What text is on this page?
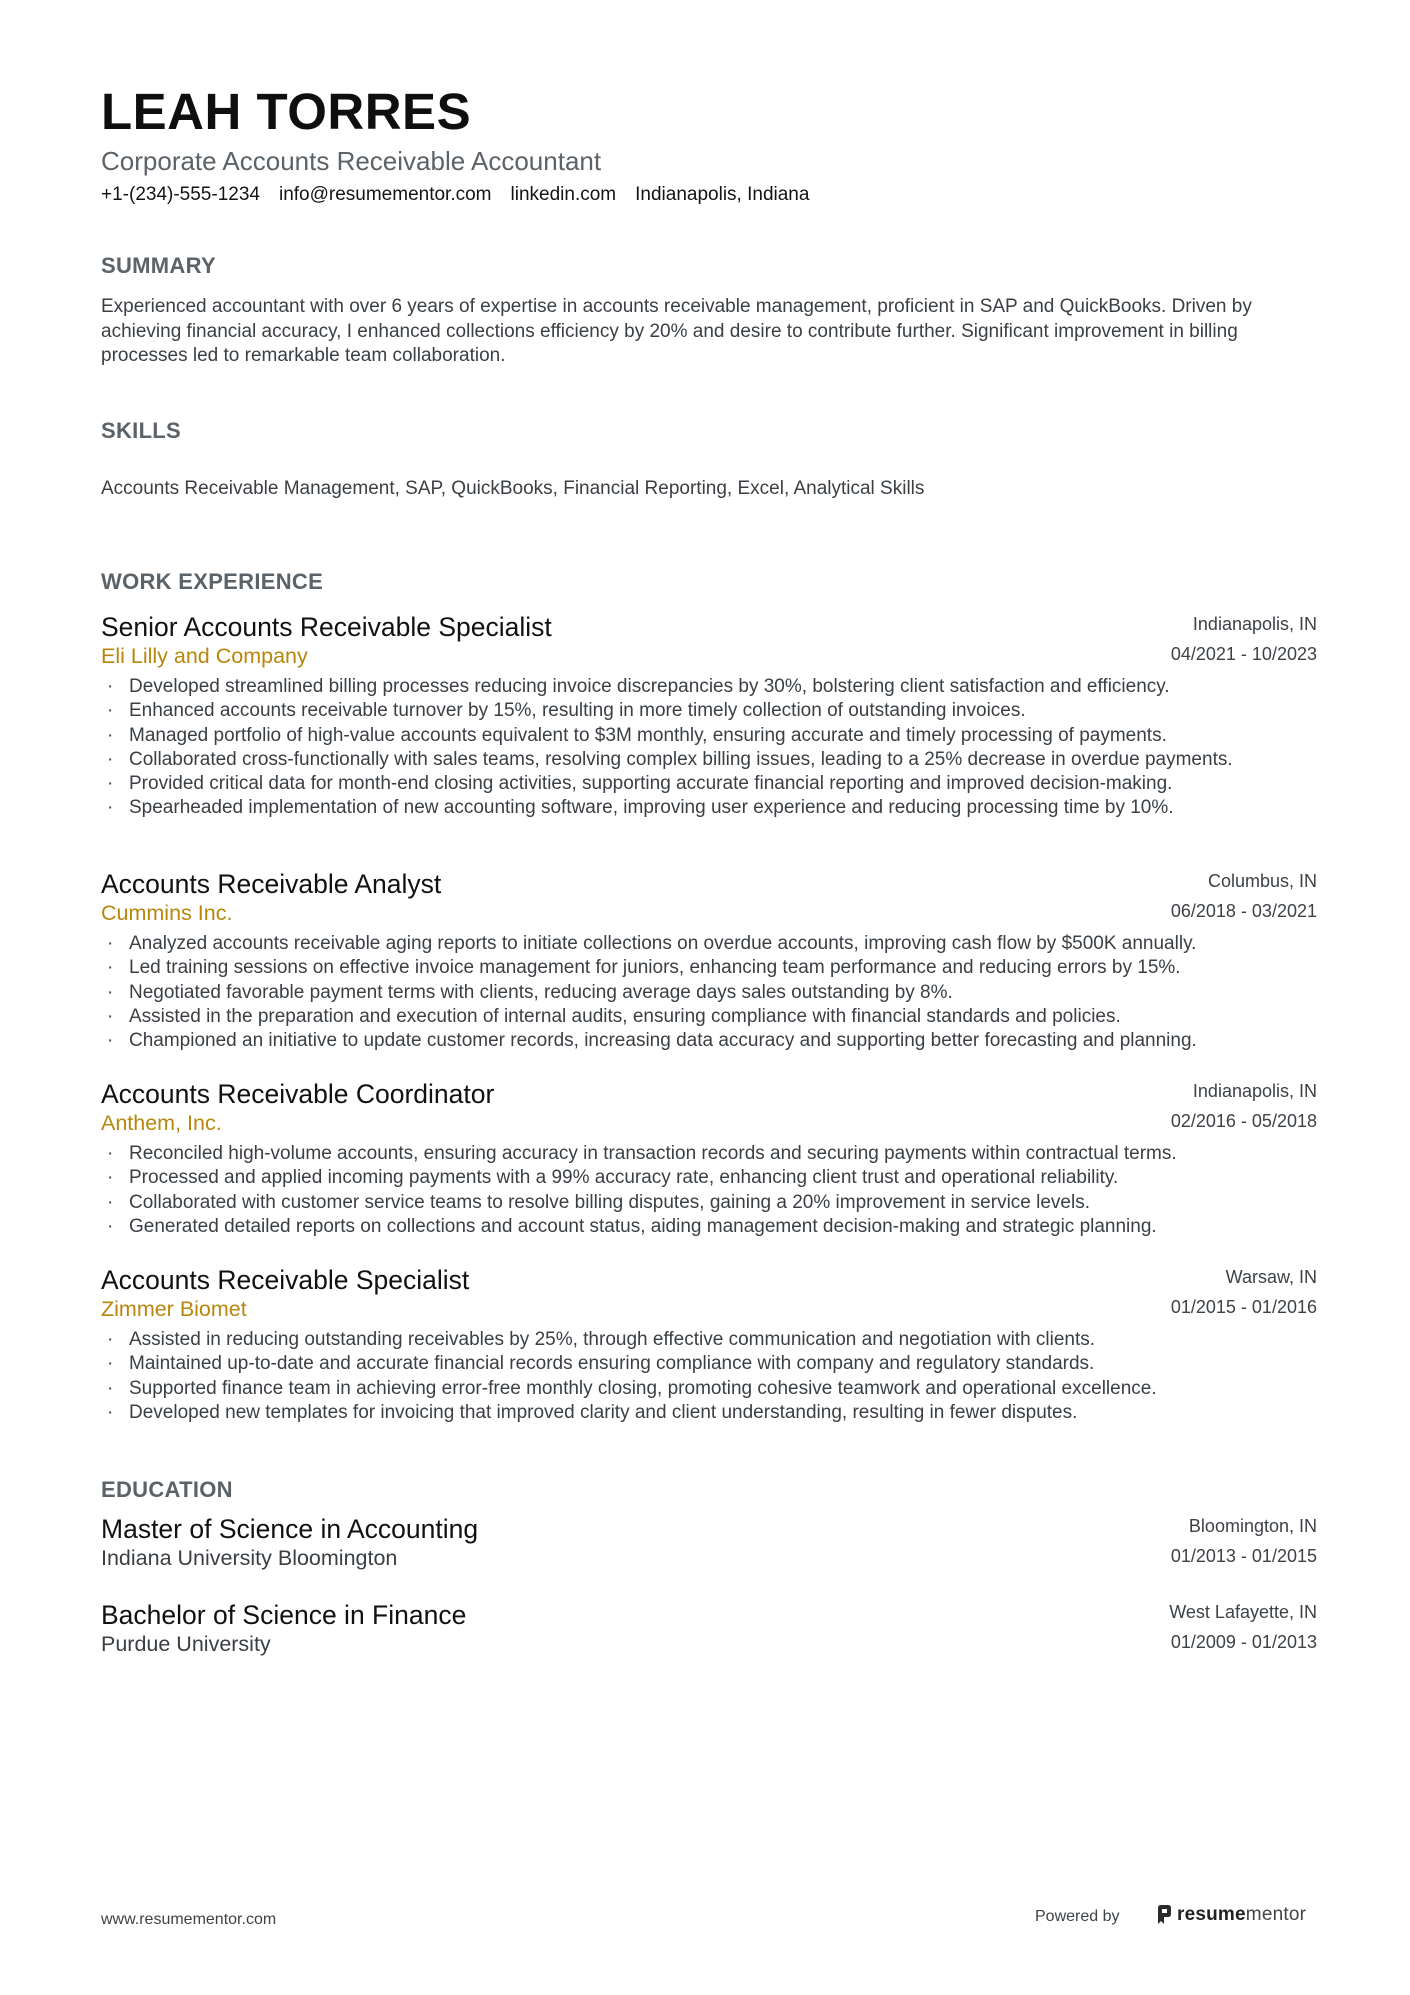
LEAH TORRES
Corporate Accounts Receivable Accountant
+1-(234)-555-1234 info@resumementor.com linkedin.com Indianapolis, Indiana
SUMMARY

Experienced accountant with over 6 years of expertise in accounts receivable management, proficient in SAP and QuickBooks. Driven by achieving financial accuracy, I enhanced collections efficiency by 20% and desire to contribute further. Significant improvement in billing processes led to remarkable team collaboration.

SKILLS

Accounts Receivable Management, SAP, QuickBooks, Financial Reporting, Excel, Analytical Skills

WORK EXPERIENCE
Senior Accounts Receivable Specialist
Eli Lilly and Company
Indianapolis, IN
04/2021 - 10/2023
· Developed streamlined billing processes reducing invoice discrepancies by 30%, bolstering client satisfaction and efficiency.
· Enhanced accounts receivable turnover by 15%, resulting in more timely collection of outstanding invoices.
· Managed portfolio of high-value accounts equivalent to $3M monthly, ensuring accurate and timely processing of payments.
· Collaborated cross-functionally with sales teams, resolving complex billing issues, leading to a 25% decrease in overdue payments.
· Provided critical data for month-end closing activities, supporting accurate financial reporting and improved decision-making.
· Spearheaded implementation of new accounting software, improving user experience and reducing processing time by 10%.
Accounts Receivable Analyst
Cummins Inc.
Columbus, IN
06/2018 - 03/2021
· Analyzed accounts receivable aging reports to initiate collections on overdue accounts, improving cash flow by $500K annually.
· Led training sessions on effective invoice management for juniors, enhancing team performance and reducing errors by 15%.
· Negotiated favorable payment terms with clients, reducing average days sales outstanding by 8%.
· Assisted in the preparation and execution of internal audits, ensuring compliance with financial standards and policies.
· Championed an initiative to update customer records, increasing data accuracy and supporting better forecasting and planning.
Accounts Receivable Coordinator
Anthem, Inc.
Indianapolis, IN
02/2016 - 05/2018
· Reconciled high-volume accounts, ensuring accuracy in transaction records and securing payments within contractual terms.
· Processed and applied incoming payments with a 99% accuracy rate, enhancing client trust and operational reliability.
· Collaborated with customer service teams to resolve billing disputes, gaining a 20% improvement in service levels.
· Generated detailed reports on collections and account status, aiding management decision-making and strategic planning.
Accounts Receivable Specialist
Zimmer Biomet
Warsaw, IN
01/2015 - 01/2016
· Assisted in reducing outstanding receivables by 25%, through effective communication and negotiation with clients.
· Maintained up-to-date and accurate financial records ensuring compliance with company and regulatory standards.
· Supported finance team in achieving error-free monthly closing, promoting cohesive teamwork and operational excellence.
· Developed new templates for invoicing that improved clarity and client understanding, resulting in fewer disputes.
EDUCATION
Master of Science in Accounting
Indiana University Bloomington
Bloomington, IN
01/2013 - 01/2015
Bachelor of Science in Finance
Purdue University
West Lafayette, IN
01/2009 - 01/2013
www.resumementor.com	Powered by	resumementor
